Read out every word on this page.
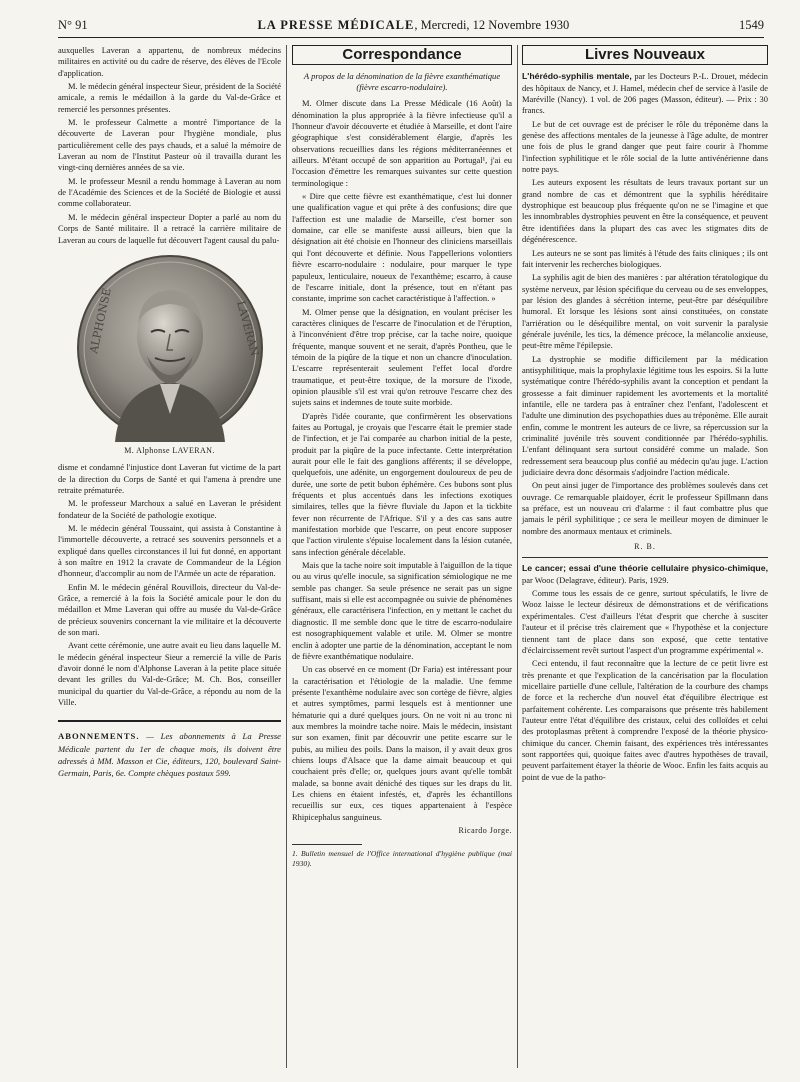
N° 91	LA PRESSE MÉDICALE, Mercredi, 12 Novembre 1930	1549

auxquelles Laveran a appartenu, de nombreux médecins militaires en activité ou du cadre de réserve, des élèves de l'Ecole d'application.

M. le médecin général inspecteur Sieur, président de la Société amicale, a remis le médaillon à la garde du Val-de-Grâce et remercié les personnes présentes.

M. le professeur Calmette a montré l'importance de la découverte de Laveran pour l'hygiène mondiale, plus particulièrement celle des pays chauds, et a salué la mémoire de Laveran au nom de l'Institut Pasteur où il travailla durant les vingt-cinq dernières années de sa vie.

M. le professeur Mesnil a rendu hommage à Laveran au nom de l'Académie des Sciences et de la Société de Biologie et aussi comme collaborateur.

M. le médecin général inspecteur Dopter a parlé au nom du Corps de Santé militaire. Il a retracé la carrière militaire de Laveran au cours de laquelle fut découvert l'agent causal du palu-

ALPHONSE	LAVERAN
M. Alphonse LAVERAN.

disme et condamné l'injustice dont Laveran fut victime de la part de la direction du Corps de Santé et qui l'amena à prendre une retraite prématurée.

M. le professeur Marchoux a salué en Laveran le président fondateur de la Société de pathologie exotique.

M. le médecin général Toussaint, qui assista à Constantine à l'immortelle découverte, a retracé ses souvenirs personnels et a expliqué dans quelles circonstances il lui fut donné, en apportant à son maître en 1912 la cravate de Commandeur de la Légion d'honneur, d'accomplir au nom de l'Armée un acte de réparation.

Enfin M. le médecin général Rouvillois, directeur du Val-de-Grâce, a remercié à la fois la Société amicale pour le don du médaillon et Mme Laveran qui offre au musée du Val-de-Grâce de précieux souvenirs concernant la vie militaire et la découverte de son mari.

Avant cette cérémonie, une autre avait eu lieu dans laquelle M. le médecin général inspecteur Sieur a remercié la ville de Paris d'avoir donné le nom d'Alphonse Laveran à la petite place située devant les grilles du Val-de-Grâce; M. Ch. Bos, conseiller municipal du quartier du Val-de-Grâce, a répondu au nom de la Ville.

ABONNEMENTS. — Les abonnements à La Presse Médicale partent du 1er de chaque mois, ils doivent être adressés à MM. Masson et Cie, éditeurs, 120, boulevard Saint-Germain, Paris, 6e. Compte chèques postaux 599.
Correspondance
A propos de la dénomination de la fièvre exanthématique (fièvre escarro-nodulaire).

M. Olmer discute dans La Presse Médicale (16 Août) la dénomination la plus appropriée à la fièvre infectieuse qu'il a l'honneur d'avoir découverte et étudiée à Marseille, et dont l'aire géographique s'est considérablement élargie, d'après les observations recueillies dans les régions méditerranéennes et ailleurs. M'étant occupé de son apparition au Portugal¹, j'ai eu l'occasion d'émettre les remarques suivantes sur cette question terminologique :

« Dire que cette fièvre est exanthématique, c'est lui donner une qualification vague et qui prête à des confusions; dire que l'affection est une maladie de Marseille, c'est borner son domaine, car elle se manifeste aussi ailleurs, bien que la désignation ait été choisie en l'honneur des cliniciens marseillais qui l'ont découverte et définie. Nous l'appellerions volontiers fièvre escarro-nodulaire : nodulaire, pour marquer le type papuleux, lenticulaire, noueux de l'exanthème; escarro, à cause de l'escarre initiale, dont la présence, tout en n'étant pas constante, imprime son cachet caractéristique à l'affection. »

M. Olmer pense que la désignation, en voulant préciser les caractères cliniques de l'escarre de l'inoculation et de l'éruption, à l'inconvénient d'être trop précise, car la tache noire, quoique fréquente, manque souvent et ne serait, d'après Pontheu, que le témoin de la piqûre de la tique et non un chancre d'inoculation. L'escarre représenterait seulement l'effet local d'ordre traumatique, et peut-être toxique, de la morsure de l'ixode, opinion plausible s'il est vrai qu'on retrouve l'escarre chez des sujets sains et indemnes de toute suite morbide.

D'après l'idée courante, que confirmèrent les observations faites au Portugal, je croyais que l'escarre était le premier stade de l'infection, et je l'ai comparée au charbon initial de la peste, produit par la piqûre de la puce infectante. Cette interprétation aurait pour elle le fait des ganglions afférents; il se développe, quelquefois, une adénite, un engorgement douloureux de peu de durée, une sorte de petit bubon éphémère. Ces bubons sont plus fréquents et plus accentués dans les infections exotiques similaires, telles que la fièvre fluviale du Japon et la tickbite fever non récurrente de l'Afrique. S'il y a des cas sans autre manifestation morbide que l'escarre, on peut encore supposer que l'action virulente s'épuise localement dans la lésion cutanée, sans infection générale décelable.

Mais que la tache noire soit imputable à l'aiguillon de la tique ou au virus qu'elle inocule, sa signification sémiologique ne me semble pas changer. Sa seule présence ne serait pas un signe suffisant, mais si elle est accompagnée ou suivie de phénomènes généraux, elle caractérisera l'infection, en y mettant le cachet du diagnostic. Il me semble donc que le titre de escarro-nodulaire est nosographiquement valable et utile. M. Olmer se montre enclin à adopter une partie de la dénomination, acceptant le nom de fièvre exanthématique nodulaire.

Un cas observé en ce moment (Dr Faria) est intéressant pour la caractérisation et l'étiologie de la maladie. Une femme présente l'exanthème nodulaire avec son cortège de fièvre, algies et autres symptômes, parmi lesquels est à mentionner une hématurie qui a duré quelques jours. On ne voit ni au tronc ni aux membres la moindre tache noire. Mais le médecin, insistant sur son examen, finit par découvrir une petite escarre sur le pubis, au milieu des poils. Dans la maison, il y avait deux gros chiens loups d'Alsace que la dame aimait beaucoup et qui couchaient près d'elle; or, quelques jours avant qu'elle tombât malade, sa bonne avait déniché des tiques sur les draps du lit. Les chiens en étaient infestés, et, d'après les échantillons recueillis sur eux, ces tiques appartenaient à l'espèce Rhipicephalus sanguineus.

Ricardo Jorge.
1. Bulletin mensuel de l'Office international d'hygiène publique (mai 1930).
Livres Nouveaux

L'hérédo-syphilis mentale, par les Docteurs P.-L. Drouet, médecin des hôpitaux de Nancy, et J. Hamel, médecin chef de service à l'asile de Maréville (Nancy). 1 vol. de 206 pages (Masson, éditeur). — Prix : 30 francs.

Le but de cet ouvrage est de préciser le rôle du tréponème dans la genèse des affections mentales de la jeunesse à l'âge adulte, de montrer une fois de plus le grand danger que peut faire courir à l'homme l'infection syphilitique et le rôle social de la lutte antivénérienne dans notre pays.

Les auteurs exposent les résultats de leurs travaux portant sur un grand nombre de cas et démontrent que la syphilis héréditaire dystrophique est beaucoup plus fréquente qu'on ne se l'imagine et que les innombrables dystrophies peuvent en être la conséquence, et peuvent être identifiées dans la plupart des cas avec les stigmates dits de dégénérescence.

Les auteurs ne se sont pas limités à l'étude des faits cliniques ; ils ont fait intervenir les recherches biologiques.

La syphilis agit de bien des manières : par altération tératologique du système nerveux, par lésion spécifique du cerveau ou de ses enveloppes, par lésion des glandes à sécrétion interne, peut-être par déséquilibre humoral. Et lorsque les lésions sont ainsi constituées, on constate l'arriération ou le déséquilibre mental, on voit survenir la paralysie générale juvénile, les tics, la démence précoce, la mélancolie anxieuse, peut-être même l'épilepsie.

La dystrophie se modifie difficilement par la médication antisyphilitique, mais la prophylaxie légitime tous les espoirs. Si la lutte systématique contre l'hérédo-syphilis avant la conception et pendant la grossesse a fait diminuer rapidement les avortements et la mortalité infantile, elle ne tardera pas à entraîner chez l'enfant, l'adolescent et l'adulte une diminution des psychopathies dues au tréponème. Elle aurait enfin, comme le montrent les auteurs de ce livre, sa répercussion sur la criminalité juvénile très souvent conditionnée par l'hérédo-syphilis. L'enfant délinquant sera surtout considéré comme un malade. Son redressement sera beaucoup plus confié au médecin qu'au juge. L'action judiciaire devra donc désormais s'adjoindre l'action médicale.

On peut ainsi juger de l'importance des problèmes soulevés dans cet ouvrage. Ce remarquable plaidoyer, écrit le professeur Spillmann dans sa préface, est un nouveau cri d'alarme : il faut combattre plus que jamais le péril syphilitique ; ce sera le meilleur moyen de diminuer le nombre des anormaux mentaux et criminels.

R. B.

Le cancer; essai d'une théorie cellulaire physico-chimique, par Wooc (Delagrave, éditeur). Paris, 1929.

Comme tous les essais de ce genre, surtout spéculatifs, le livre de Wooz laisse le lecteur désireux de démonstrations et de vérifications expérimentales. C'est d'ailleurs l'état d'esprit que cherche à susciter l'auteur et il précise très clairement que « l'hypothèse et la conjecture tiennent tant de place dans son exposé, que cette tentative d'éclaircissement revêt surtout l'aspect d'un programme expérimental ».

Ceci entendu, il faut reconnaître que la lecture de ce petit livre est très prenante et que l'explication de la cancérisation par la floculation micellaire partielle d'une cellule, l'altération de la courbure des champs de force et la recherche d'un nouvel état d'équilibre électrique est parfaitement cohérente. Les comparaisons que présente très habilement l'auteur entre l'état d'équilibre des cristaux, celui des colloïdes et celui des protoplasmas prêtent à comprendre l'exposé de la théorie physico-chimique du cancer. Chemin faisant, des expériences très intéressantes sont rapportées qui, quoique faites avec d'autres hypothèses de travail, peuvent parfaitement étayer la théorie de Wooc. Enfin les faits acquis au point de vue de la patho-
